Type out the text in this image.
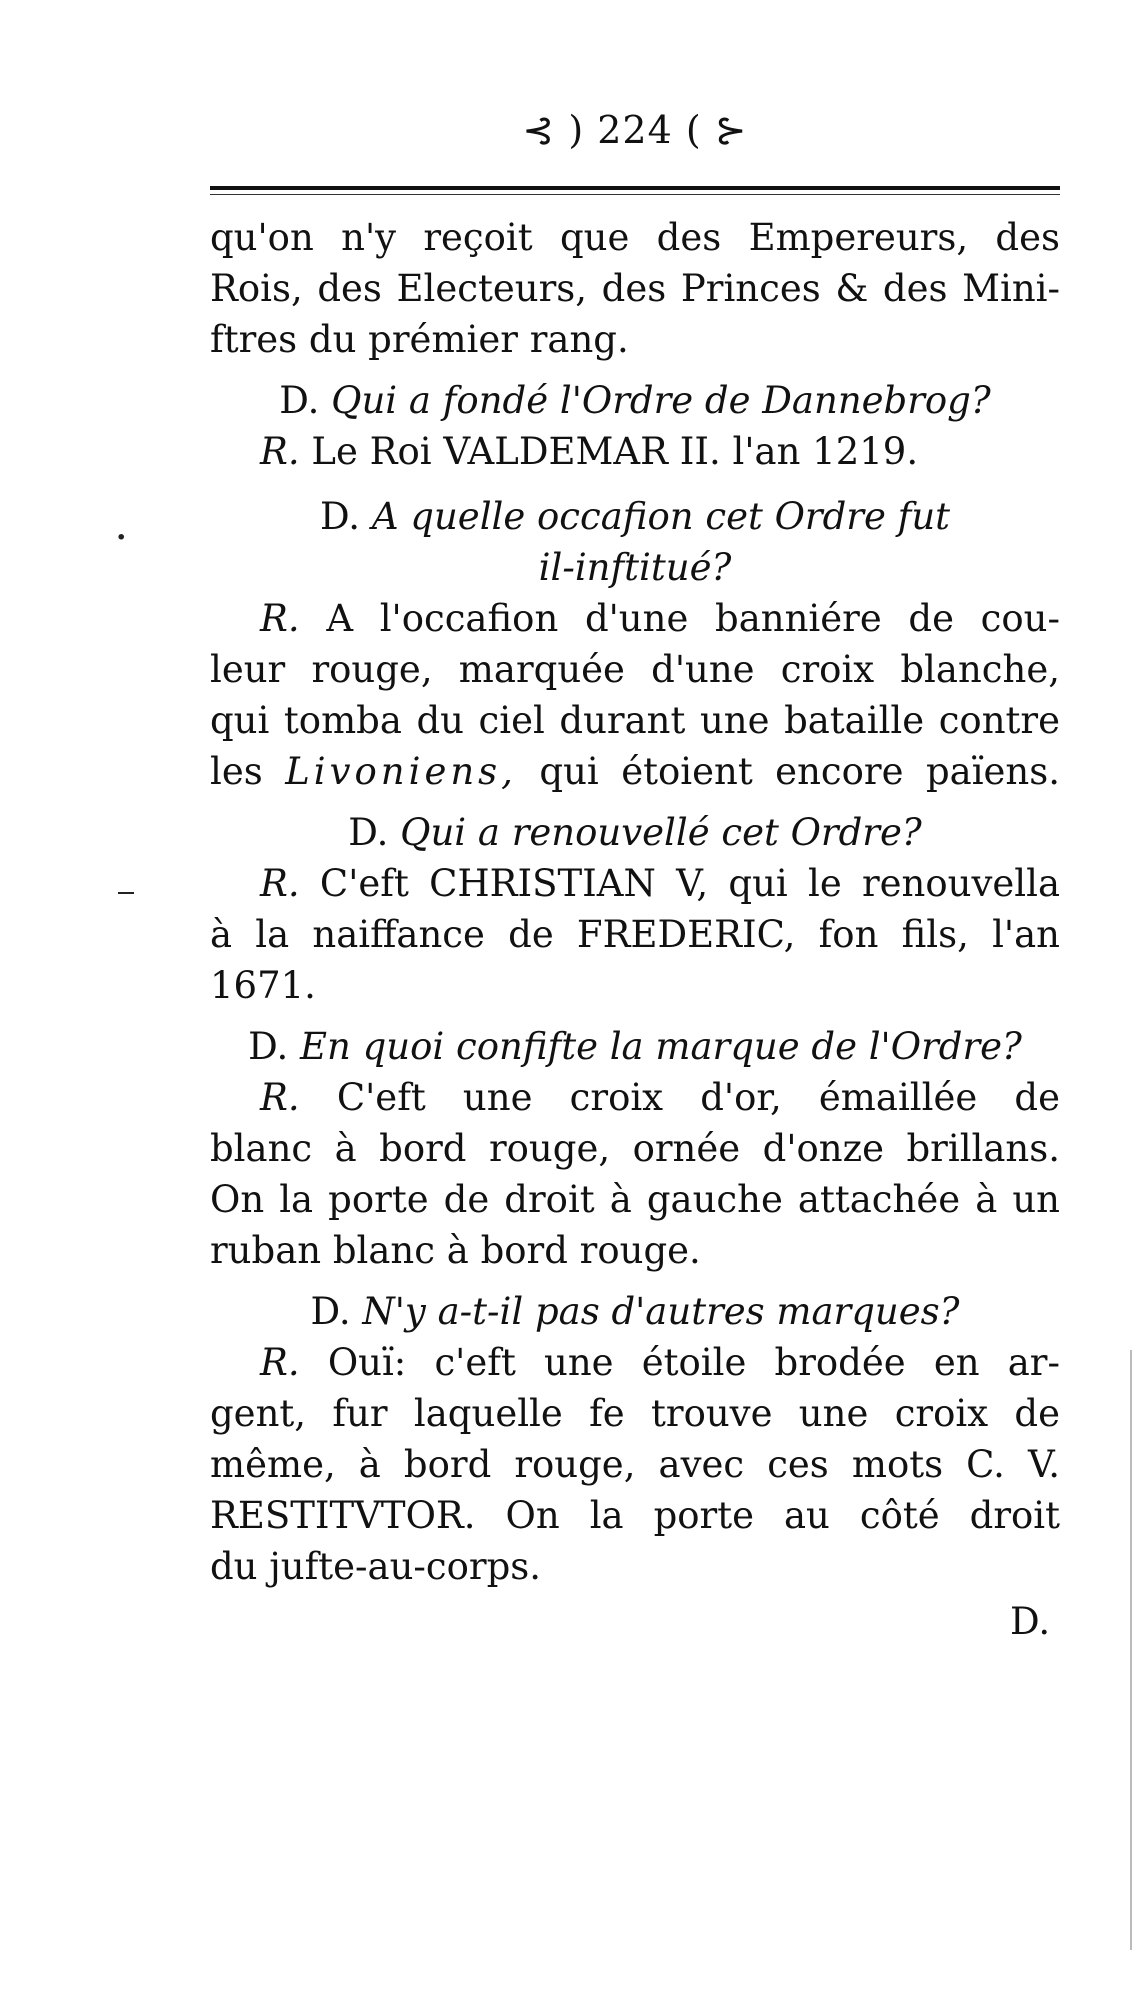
⊰ ) 224 ( ⊱
qu'on n'y reçoit que des Empereurs, des
Rois, des Electeurs, des Princes & des Mini-
ftres du prémier rang.
D. Qui a fondé l'Ordre de Dannebrog?
R. Le Roi VALDEMAR II. l'an 1219.
D. A quelle occafion cet Ordre fut
il-inftitué?
R. A l'occafion d'une banniére de cou-
leur rouge, marquée d'une croix blanche,
qui tomba du ciel durant une bataille contre
les Livoniens, qui étoient encore païens.
D. Qui a renouvellé cet Ordre?
R. C'eft CHRISTIAN V, qui le renouvella
à la naiffance de FREDERIC, fon fils, l'an
1671.
D. En quoi confifte la marque de l'Ordre?
R. C'eft une croix d'or, émaillée de
blanc à bord rouge, ornée d'onze brillans.
On la porte de droit à gauche attachée à un
ruban blanc à bord rouge.
D. N'y a-t-il pas d'autres marques?
R. Ouï: c'eft une étoile brodée en ar-
gent, fur laquelle fe trouve une croix de
même, à bord rouge, avec ces mots C. V.
RESTITVTOR. On la porte au côté droit
du jufte-au-corps.
D.
·
